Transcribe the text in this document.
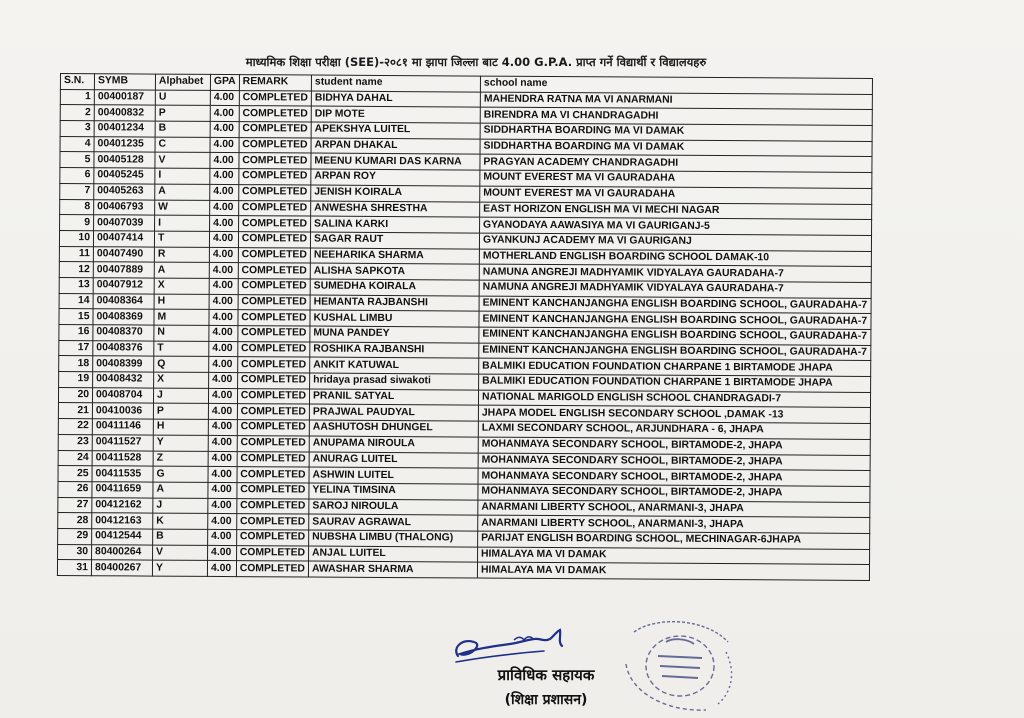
माध्यमिक शिक्षा परीक्षा (SEE)-२०८१ मा झापा जिल्ला बाट 4.00 G.P.A. प्राप्त गर्ने विद्यार्थी र विद्यालयहरु
S.N.	SYMB	Alphabet	GPA	REMARK	student name	school name
1	00400187	U	4.00	COMPLETED	BIDHYA DAHAL	MAHENDRA RATNA MA VI ANARMANI
2	00400832	P	4.00	COMPLETED	DIP MOTE	BIRENDRA MA VI CHANDRAGADHI
3	00401234	B	4.00	COMPLETED	APEKSHYA LUITEL	SIDDHARTHA BOARDING MA VI DAMAK
4	00401235	C	4.00	COMPLETED	ARPAN DHAKAL	SIDDHARTHA BOARDING MA VI DAMAK
5	00405128	V	4.00	COMPLETED	MEENU KUMARI DAS KARNA	PRAGYAN ACADEMY CHANDRAGADHI
6	00405245	I	4.00	COMPLETED	ARPAN ROY	MOUNT EVEREST MA VI GAURADAHA
7	00405263	A	4.00	COMPLETED	JENISH KOIRALA	MOUNT EVEREST MA VI GAURADAHA
8	00406793	W	4.00	COMPLETED	ANWESHA SHRESTHA	EAST HORIZON ENGLISH MA VI MECHI NAGAR
9	00407039	I	4.00	COMPLETED	SALINA KARKI	GYANODAYA AAWASIYA MA VI GAURIGANJ-5
10	00407414	T	4.00	COMPLETED	SAGAR RAUT	GYANKUNJ ACADEMY MA VI GAURIGANJ
11	00407490	R	4.00	COMPLETED	NEEHARIKA SHARMA	MOTHERLAND ENGLISH BOARDING SCHOOL DAMAK-10
12	00407889	A	4.00	COMPLETED	ALISHA SAPKOTA	NAMUNA ANGREJI MADHYAMIK VIDYALAYA GAURADAHA-7
13	00407912	X	4.00	COMPLETED	SUMEDHA KOIRALA	NAMUNA ANGREJI MADHYAMIK VIDYALAYA GAURADAHA-7
14	00408364	H	4.00	COMPLETED	HEMANTA RAJBANSHI	EMINENT KANCHANJANGHA ENGLISH BOARDING SCHOOL, GAURADAHA-7
15	00408369	M	4.00	COMPLETED	KUSHAL LIMBU	EMINENT KANCHANJANGHA ENGLISH BOARDING SCHOOL, GAURADAHA-7
16	00408370	N	4.00	COMPLETED	MUNA PANDEY	EMINENT KANCHANJANGHA ENGLISH BOARDING SCHOOL, GAURADAHA-7
17	00408376	T	4.00	COMPLETED	ROSHIKA RAJBANSHI	EMINENT KANCHANJANGHA ENGLISH BOARDING SCHOOL, GAURADAHA-7
18	00408399	Q	4.00	COMPLETED	ANKIT KATUWAL	BALMIKI EDUCATION FOUNDATION CHARPANE 1 BIRTAMODE JHAPA
19	00408432	X	4.00	COMPLETED	hridaya prasad siwakoti	BALMIKI EDUCATION FOUNDATION CHARPANE 1 BIRTAMODE JHAPA
20	00408704	J	4.00	COMPLETED	PRANIL SATYAL	NATIONAL MARIGOLD ENGLISH SCHOOL CHANDRAGADI-7
21	00410036	P	4.00	COMPLETED	PRAJWAL PAUDYAL	JHAPA MODEL ENGLISH SECONDARY SCHOOL ,DAMAK -13
22	00411146	H	4.00	COMPLETED	AASHUTOSH DHUNGEL	LAXMI SECONDARY SCHOOL, ARJUNDHARA - 6, JHAPA
23	00411527	Y	4.00	COMPLETED	ANUPAMA NIROULA	MOHANMAYA SECONDARY SCHOOL, BIRTAMODE-2, JHAPA
24	00411528	Z	4.00	COMPLETED	ANURAG LUITEL	MOHANMAYA SECONDARY SCHOOL, BIRTAMODE-2, JHAPA
25	00411535	G	4.00	COMPLETED	ASHWIN LUITEL	MOHANMAYA SECONDARY SCHOOL, BIRTAMODE-2, JHAPA
26	00411659	A	4.00	COMPLETED	YELINA TIMSINA	MOHANMAYA SECONDARY SCHOOL, BIRTAMODE-2, JHAPA
27	00412162	J	4.00	COMPLETED	SAROJ NIROULA	ANARMANI LIBERTY SCHOOL, ANARMANI-3, JHAPA
28	00412163	K	4.00	COMPLETED	SAURAV AGRAWAL	ANARMANI LIBERTY SCHOOL, ANARMANI-3, JHAPA
29	00412544	B	4.00	COMPLETED	NUBSHA LIMBU (THALONG)	PARIJAT ENGLISH BOARDING SCHOOL, MECHINAGAR-6JHAPA
30	80400264	V	4.00	COMPLETED	ANJAL LUITEL	HIMALAYA MA VI DAMAK
31	80400267	Y	4.00	COMPLETED	AWASHAR SHARMA	HIMALAYA MA VI DAMAK
प्राविधिक सहायक
(शिक्षा प्रशासन)
